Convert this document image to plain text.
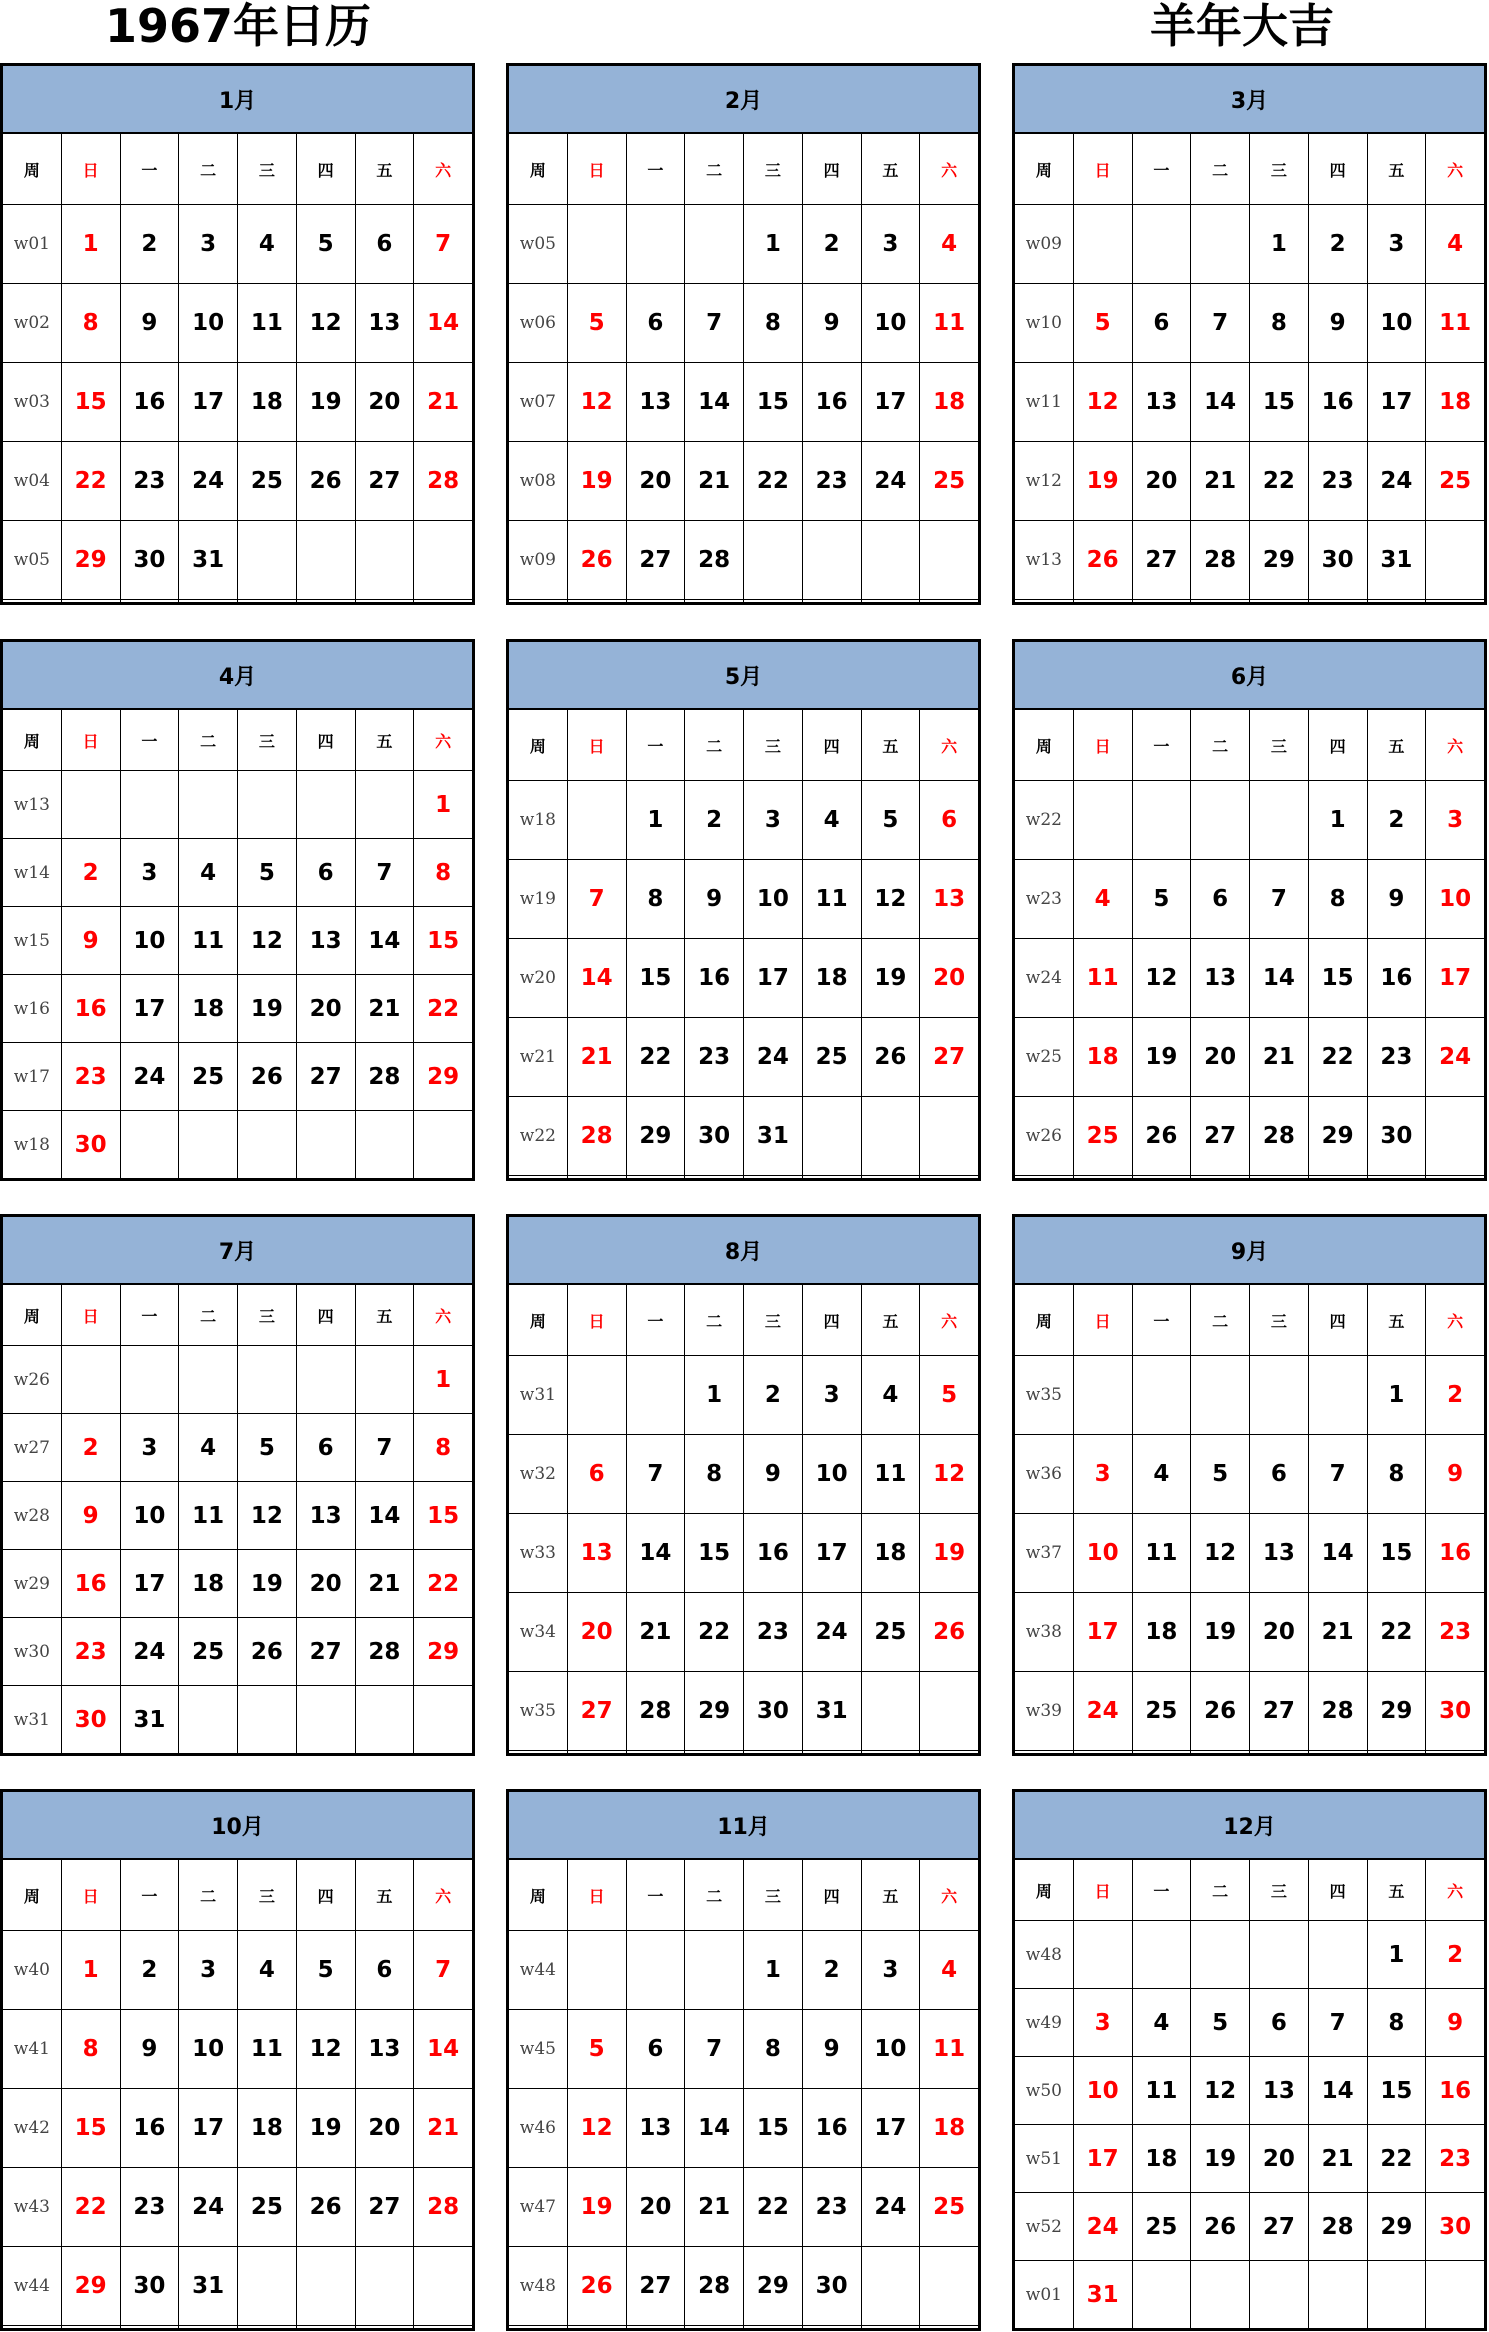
1967年日历	羊年大吉
1月							
周	日	一	二	三	四	五	六
w01	1	2	3	4	5	6	7
w02	8	9	10	11	12	13	14
w03	15	16	17	18	19	20	21
w04	22	23	24	25	26	27	28
w05	29	30	31				

2月							
周	日	一	二	三	四	五	六
w05				1	2	3	4
w06	5	6	7	8	9	10	11
w07	12	13	14	15	16	17	18
w08	19	20	21	22	23	24	25
w09	26	27	28				

3月							
周	日	一	二	三	四	五	六
w09				1	2	3	4
w10	5	6	7	8	9	10	11
w11	12	13	14	15	16	17	18
w12	19	20	21	22	23	24	25
w13	26	27	28	29	30	31	

4月							
周	日	一	二	三	四	五	六
w13							1
w14	2	3	4	5	6	7	8
w15	9	10	11	12	13	14	15
w16	16	17	18	19	20	21	22
w17	23	24	25	26	27	28	29
w18	30						
5月							
周	日	一	二	三	四	五	六
w18		1	2	3	4	5	6
w19	7	8	9	10	11	12	13
w20	14	15	16	17	18	19	20
w21	21	22	23	24	25	26	27
w22	28	29	30	31			

6月							
周	日	一	二	三	四	五	六
w22					1	2	3
w23	4	5	6	7	8	9	10
w24	11	12	13	14	15	16	17
w25	18	19	20	21	22	23	24
w26	25	26	27	28	29	30	

7月							
周	日	一	二	三	四	五	六
w26							1
w27	2	3	4	5	6	7	8
w28	9	10	11	12	13	14	15
w29	16	17	18	19	20	21	22
w30	23	24	25	26	27	28	29
w31	30	31					
8月							
周	日	一	二	三	四	五	六
w31			1	2	3	4	5
w32	6	7	8	9	10	11	12
w33	13	14	15	16	17	18	19
w34	20	21	22	23	24	25	26
w35	27	28	29	30	31		

9月							
周	日	一	二	三	四	五	六
w35						1	2
w36	3	4	5	6	7	8	9
w37	10	11	12	13	14	15	16
w38	17	18	19	20	21	22	23
w39	24	25	26	27	28	29	30

10月							
周	日	一	二	三	四	五	六
w40	1	2	3	4	5	6	7
w41	8	9	10	11	12	13	14
w42	15	16	17	18	19	20	21
w43	22	23	24	25	26	27	28
w44	29	30	31				

11月							
周	日	一	二	三	四	五	六
w44				1	2	3	4
w45	5	6	7	8	9	10	11
w46	12	13	14	15	16	17	18
w47	19	20	21	22	23	24	25
w48	26	27	28	29	30		

12月							
周	日	一	二	三	四	五	六
w48						1	2
w49	3	4	5	6	7	8	9
w50	10	11	12	13	14	15	16
w51	17	18	19	20	21	22	23
w52	24	25	26	27	28	29	30
w01	31						
